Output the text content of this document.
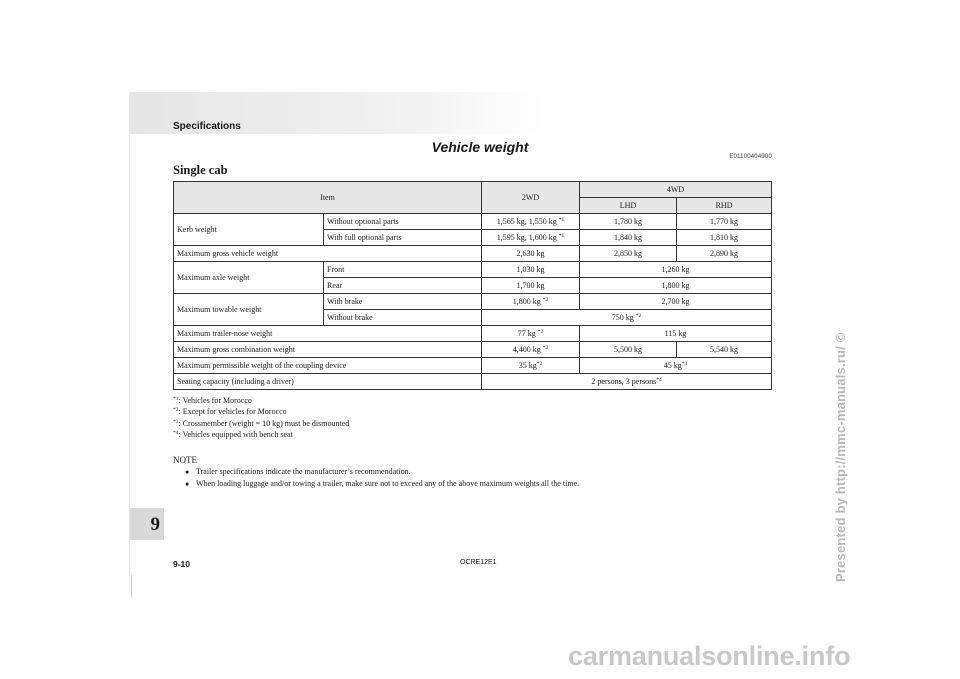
Specifications
Vehicle weight
E01100404900
Single cab
Item		2WD	4WD	
			LHD	RHD
Kerb weight	Without optional parts	1,565 kg, 1,550 kg $^{*1}$	1,780 kg	1,770 kg
	With full optional parts	1,595 kg, 1,600 kg $^{*1}$	1,840 kg	1,810 kg
Maximum gross vehicle weight		2,630 kg	2,850 kg	2,890 kg
Maximum axle weight	Front	1,030 kg	1,260 kg	
	Rear	1,700 kg	1,800 kg	
Maximum towable weight	With brake	1,800 kg $^{*2}$	2,700 kg	
	Without brake	750 kg $^{*2}$
Maximum trailer-nose weight		77 kg $^{*2}$	115 kg	
Maximum gross combination weight		4,400 kg $^{*2}$	5,500 kg	5,540 kg
Maximum permissible weight of the coupling device		35 $kg^{*2}$	45 $kg^{*3}$
Seating capacity (including a driver)		2 persons, 3 persons$^{*4}$
$^{*1}$: Vehicles for Morocco
$^{*2}$: Except for vehicles for Morocco
$^{*3}$: Crossmember (weight = 10 kg) must be dismounted
$^{*4}$: Vehicles equipped with bench seat
NOTE
● Trailer specifications indicate the manufacturer’s recommendation.
● When loading luggage and/or towing a trailer, make sure not to exceed any of the above maximum weights all the time.
9
9-10	OCRE12E1	Presented by http://mmc-manuals.ru/ ©
carmanualsonline.info
